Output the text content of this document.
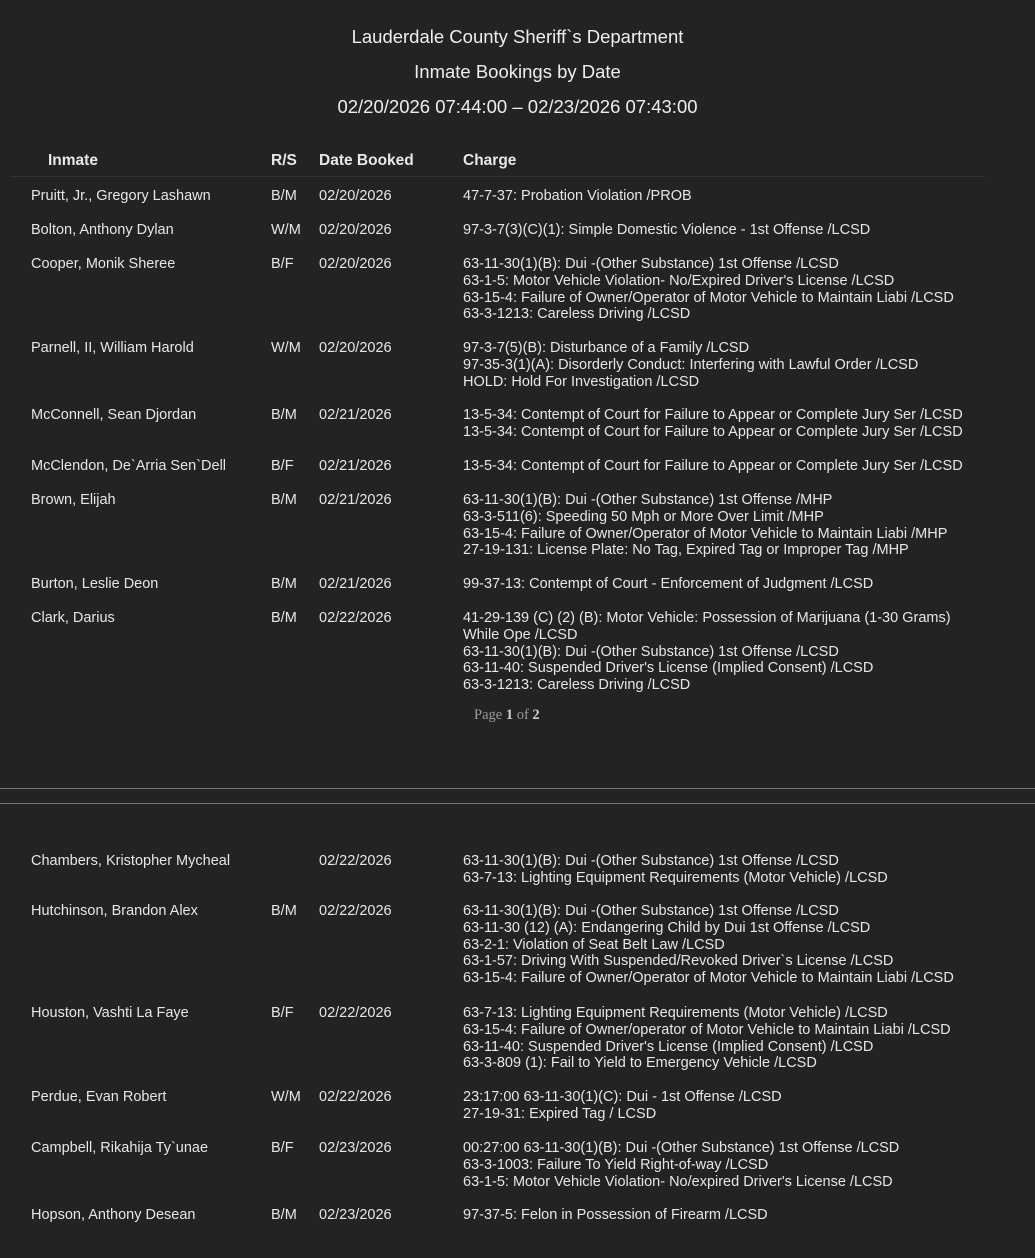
Lauderdale County Sheriff`s Department
Inmate Bookings by Date
02/20/2026 07:44:00 – 02/23/2026 07:43:00
Inmate	R/S Date Booked	Charge
Pruitt, Jr., Gregory Lashawn	B/M 02/20/2026	47-7-37: Probation Violation /PROB
Bolton, Anthony Dylan	W/M 02/20/2026	97-3-7(3)(C)(1): Simple Domestic Violence - 1st Offense /LCSD
Cooper, Monik Sheree	B/F 02/20/2026	63-11-30(1)(B): Dui -(Other Substance) 1st Offense /LCSD
63-1-5: Motor Vehicle Violation- No/Expired Driver's License /LCSD
63-15-4: Failure of Owner/Operator of Motor Vehicle to Maintain Liabi /LCSD
63-3-1213: Careless Driving /LCSD
Parnell, II, William Harold	W/M 02/20/2026	97-3-7(5)(B): Disturbance of a Family /LCSD
97-35-3(1)(A): Disorderly Conduct: Interfering with Lawful Order /LCSD
HOLD: Hold For Investigation /LCSD
McConnell, Sean Djordan	B/M 02/21/2026	13-5-34: Contempt of Court for Failure to Appear or Complete Jury Ser /LCSD
13-5-34: Contempt of Court for Failure to Appear or Complete Jury Ser /LCSD
McClendon, De`Arria Sen`Dell	B/F 02/21/2026	13-5-34: Contempt of Court for Failure to Appear or Complete Jury Ser /LCSD
Brown, Elijah	B/M 02/21/2026	63-11-30(1)(B): Dui -(Other Substance) 1st Offense /MHP
63-3-511(6): Speeding 50 Mph or More Over Limit /MHP
63-15-4: Failure of Owner/Operator of Motor Vehicle to Maintain Liabi /MHP
27-19-131: License Plate: No Tag, Expired Tag or Improper Tag /MHP
Burton, Leslie Deon	B/M 02/21/2026	99-37-13: Contempt of Court - Enforcement of Judgment /LCSD
Clark, Darius	B/M 02/22/2026	41-29-139 (C) (2) (B): Motor Vehicle: Possession of Marijuana (1-30 Grams)
While Ope /LCSD
63-11-30(1)(B): Dui -(Other Substance) 1st Offense /LCSD
63-11-40: Suspended Driver's License (Implied Consent) /LCSD
63-3-1213: Careless Driving /LCSD
Chambers, Kristopher Mycheal	02/22/2026	63-11-30(1)(B): Dui -(Other Substance) 1st Offense /LCSD
63-7-13: Lighting Equipment Requirements (Motor Vehicle) /LCSD
Hutchinson, Brandon Alex	B/M 02/22/2026	63-11-30(1)(B): Dui -(Other Substance) 1st Offense /LCSD
63-11-30 (12) (A): Endangering Child by Dui 1st Offense /LCSD
63-2-1: Violation of Seat Belt Law /LCSD
63-1-57: Driving With Suspended/Revoked Driver`s License /LCSD
63-15-4: Failure of Owner/Operator of Motor Vehicle to Maintain Liabi /LCSD
Houston, Vashti La Faye	B/F 02/22/2026	63-7-13: Lighting Equipment Requirements (Motor Vehicle) /LCSD
63-15-4: Failure of Owner/operator of Motor Vehicle to Maintain Liabi /LCSD
63-11-40: Suspended Driver's License (Implied Consent) /LCSD
63-3-809 (1): Fail to Yield to Emergency Vehicle /LCSD
Perdue, Evan Robert	W/M 02/22/2026	23:17:00 63-11-30(1)(C): Dui - 1st Offense /LCSD
27-19-31: Expired Tag / LCSD
Campbell, Rikahija Ty`unae	B/F 02/23/2026	00:27:00 63-11-30(1)(B): Dui -(Other Substance) 1st Offense /LCSD
63-3-1003: Failure To Yield Right-of-way /LCSD
63-1-5: Motor Vehicle Violation- No/expired Driver's License /LCSD
Hopson, Anthony Desean	B/M 02/23/2026	97-37-5: Felon in Possession of Firearm /LCSD
Page 1 of 2
